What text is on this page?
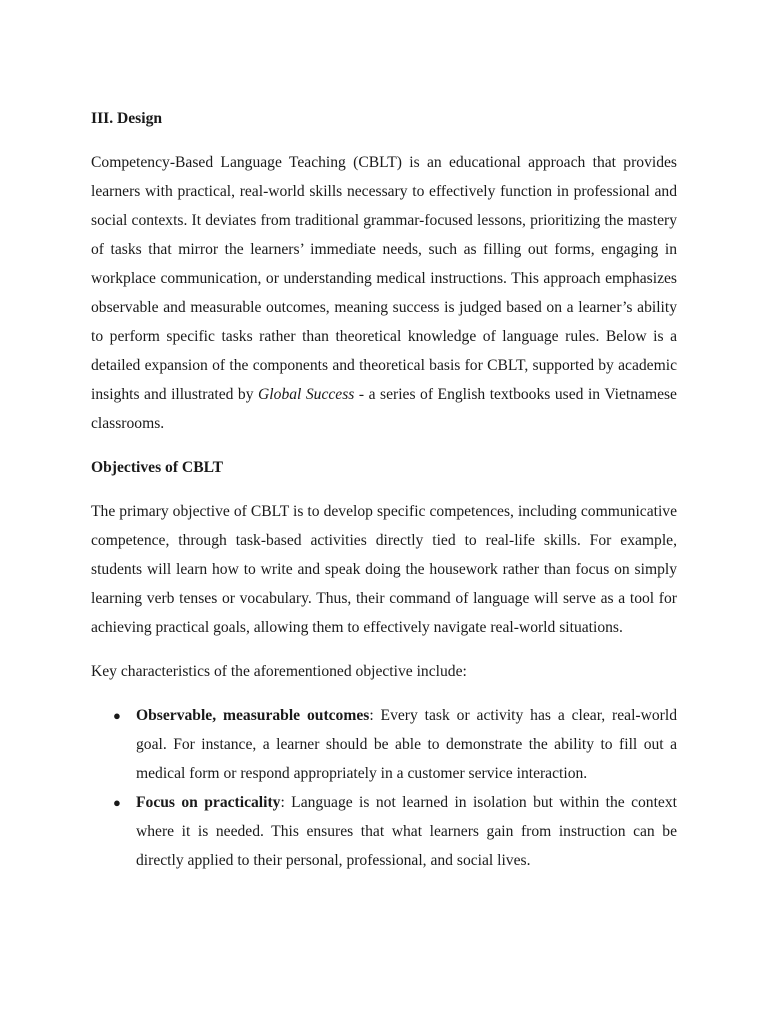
III. Design
Competency-Based Language Teaching (CBLT) is an educational approach that provides learners with practical, real-world skills necessary to effectively function in professional and social contexts. It deviates from traditional grammar-focused lessons, prioritizing the mastery of tasks that mirror the learners’ immediate needs, such as filling out forms, engaging in workplace communication, or understanding medical instructions. This approach emphasizes observable and measurable outcomes, meaning success is judged based on a learner’s ability to perform specific tasks rather than theoretical knowledge of language rules. Below is a detailed expansion of the components and theoretical basis for CBLT, supported by academic insights and illustrated by Global Success - a series of English textbooks used in Vietnamese classrooms.
Objectives of CBLT
The primary objective of CBLT is to develop specific competences, including communicative competence, through task-based activities directly tied to real-life skills. For example, students will learn how to write and speak doing the housework rather than focus on simply learning verb tenses or vocabulary. Thus, their command of language will serve as a tool for achieving practical goals, allowing them to effectively navigate real-world situations.
Key characteristics of the aforementioned objective include:
● Observable, measurable outcomes: Every task or activity has a clear, real-world goal. For instance, a learner should be able to demonstrate the ability to fill out a medical form or respond appropriately in a customer service interaction.
● Focus on practicality: Language is not learned in isolation but within the context where it is needed. This ensures that what learners gain from instruction can be directly applied to their personal, professional, and social lives.
